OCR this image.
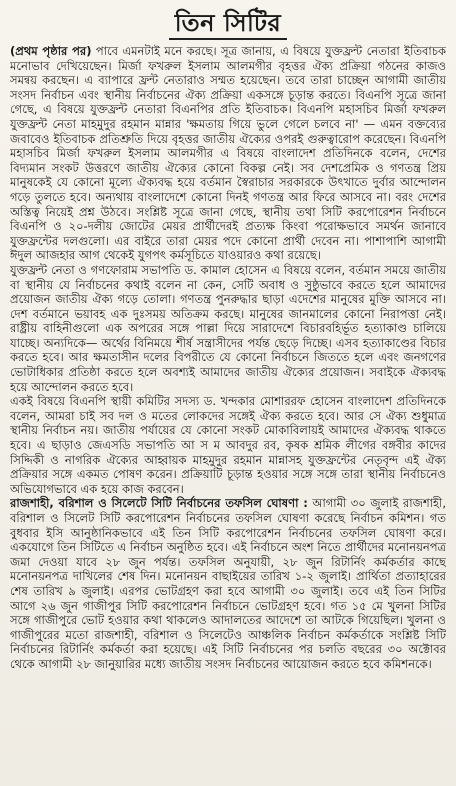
তিন সিটির

(প্রথম পৃষ্ঠার পর) পাবে এমনটাই মনে করছে। সূত্র জানায়, এ বিষয়ে যুক্তফ্রন্ট নেতারা ইতিবাচক মনোভাব দেখিয়েছেন। মির্জা ফখরুল ইসলাম আলমগীর বৃহত্তর ঐক্য প্রক্রিয়া গঠনের কাজও সমন্বয় করছেন। এ ব্যাপারে ফ্রন্ট নেতারাও সম্মত হয়েছেন। তবে তারা চাচ্ছেন আগামী জাতীয় সংসদ নির্বাচন এবং স্থানীয় নির্বাচনের ঐক্য প্রক্রিয়া একসঙ্গে চূড়ান্ত করতে। বিএনপি সূত্রে জানা গেছে, এ বিষয়ে যুক্তফ্রন্ট নেতারা বিএনপির প্রতি ইতিবাচক। বিএনপি মহাসচিব মির্জা ফখরুল যুক্তফ্রন্ট নেতা মাহমুদুর রহমান মান্নার 'ক্ষমতায় গিয়ে ভুলে গেলে চলবে না' — এমন বক্তব্যের জবাবেও ইতিবাচক প্রতিশ্রুতি দিয়ে বৃহত্তর জাতীয় ঐক্যের ওপরই গুরুত্বারোপ করেছেন। বিএনপি মহাসচিব মির্জা ফখরুল ইসলাম আলমগীর এ বিষয়ে বাংলাদেশ প্রতিদিনকে বলেন, দেশের বিদ্যমান সংকট উত্তরণে জাতীয় ঐক্যের কোনো বিকল্প নেই। সব দেশপ্রেমিক ও গণতন্ত্র প্রিয় মানুষকেই যে কোনো মূল্যে ঐক্যবদ্ধ হয়ে বর্তমান স্বৈরাচার সরকারকে উৎখাতে দুর্বার আন্দোলন গড়ে তুলতে হবে। অন্যথায় বাংলাদেশে কোনো দিনই গণতন্ত্র আর ফিরে আসবে না। বরং দেশের অস্তিত্ব নিয়েই প্রশ্ন উঠবে। সংশ্লিষ্ট সূত্রে জানা গেছে, স্থানীয় তথা সিটি করপোরেশন নির্বাচনে বিএনপি ও ২০-দলীয় জোটের মেয়র প্রার্থীদেরই প্রত্যক্ষ কিংবা পরোক্ষভাবে সমর্থন জানাবে যুক্তফ্রন্টের দলগুলো। এর বাইরে তারা মেয়র পদে কোনো প্রার্থী দেবেন না। পাশাপাশি আগামী ঈদুল আজহার আগ থেকেই যুগপৎ কর্মসূচিতে যাওয়ারও কথা রয়েছে।

যুক্তফ্রন্ট নেতা ও গণফোরাম সভাপতি ড. কামাল হোসেন এ বিষয়ে বলেন, বর্তমান সময়ে জাতীয় বা স্থানীয় যে নির্বাচনের কথাই বলেন না কেন, সেটি অবাধ ও সুষ্ঠুভাবে করতে হলে আমাদের প্রয়োজন জাতীয় ঐক্য গড়ে তোলা। গণতন্ত্র পুনরুদ্ধার ছাড়া এদেশের মানুষের মুক্তি আসবে না। দেশ বর্তমানে ভয়াবহ এক দুঃসময় অতিক্রম করছে। মানুষের জানমালের কোনো নিরাপত্তা নেই। রাষ্ট্রীয় বাহিনীগুলো এক অপরের সঙ্গে পাল্লা দিয়ে সারাদেশে বিচারবহির্ভূত হত্যাকাণ্ড চালিয়ে যাচ্ছে। অন্যদিকে— অর্থের বিনিময়ে শীর্ষ সন্ত্রাসীদের পর্যন্ত ছেড়ে দিচ্ছে। এসব হত্যাকাণ্ডের বিচার করতে হবে। আর ক্ষমতাসীন দলের বিপরীতে যে কোনো নির্বাচনে জিততে হলে এবং জনগণের ভোটাধিকার প্রতিষ্ঠা করতে হলে অবশ্যই আমাদের জাতীয় ঐক্যের প্রয়োজন। সবাইকে ঐক্যবদ্ধ হয়ে আন্দোলন করতে হবে।

একই বিষয়ে বিএনপি স্থায়ী কমিটির সদস্য ড. খন্দকার মোশাররফ হোসেন বাংলাদেশ প্রতিদিনকে বলেন, আমরা চাই সব দল ও মতের লোকদের সঙ্গেই ঐক্য করতে হবে। আর সে ঐক্য শুধুমাত্র স্থানীয় নির্বাচন নয়। জাতীয় পর্যায়ের যে কোনো সংকট মোকাবিলায়ই আমাদের ঐক্যবদ্ধ থাকতে হবে। এ ছাড়াও জেএসডি সভাপতি আ স ম আবদুর রব, কৃষক শ্রমিক লীগের বঙ্গবীর কাদের সিদ্দিকী ও নাগরিক ঐক্যের আহ্বায়ক মাহমুদুর রহমান মান্নাসহ যুক্তফ্রন্টের নেতৃবৃন্দ এই ঐক্য প্রক্রিয়ার সঙ্গে একমত পোষণ করেন। প্রক্রিয়াটি চূড়ান্ত হওয়ার সঙ্গে সঙ্গে তারা স্থানীয় নির্বাচনেও অভিযোগভাবে এক হয়ে কাজ করবেন।

রাজশাহী, বরিশাল ও সিলেটে সিটি নির্বাচনের তফসিল ঘোষণা : আগামী ৩০ জুলাই রাজশাহী, বরিশাল ও সিলেট সিটি করপোরেশন নির্বাচনের তফসিল ঘোষণা করেছে নির্বাচন কমিশন। গত বুধবার ইসি আনুষ্ঠানিকভাবে এই তিন সিটি করপোরেশন নির্বাচনের তফসিল ঘোষণা করে। একযোগে তিন সিটিতে এ নির্বাচন অনুষ্ঠিত হবে। এই নির্বাচনে অংশ নিতে প্রার্থীদের মনোনয়নপত্র জমা দেওয়া যাবে ২৮ জুন পর্যন্ত। তফসিল অনুযায়ী, ২৮ জুন রিটার্নিং কর্মকর্তার কাছে মনোনয়নপত্র দাখিলের শেষ দিন। মনোনয়ন বাছাইয়ের তারিখ ১-২ জুলাই। প্রার্থিতা প্রত্যাহারের শেষ তারিখ ৯ জুলাই। এরপর ভোটগ্রহণ করা হবে আগামী ৩০ জুলাই। তবে এই তিন সিটির আগে ২৬ জুন গাজীপুর সিটি করপোরেশন নির্বাচনে ভোটগ্রহণ হবে। গত ১৫ মে খুলনা সিটির সঙ্গে গাজীপুরে ভোট হওয়ার কথা থাকলেও আদালতের আদেশে তা আটকে গিয়েছিল। খুলনা ও গাজীপুরের মতো রাজশাহী, বরিশাল ও সিলেটেও আঞ্চলিক নির্বাচন কর্মকর্তাকে সংশ্লিষ্ট সিটি নির্বাচনের রিটার্নিং কর্মকর্তা করা হয়েছে। এই সিটি নির্বাচনের পর চলতি বছরের ৩০ অক্টোবর থেকে আগামী ২৮ জানুয়ারির মধ্যে জাতীয় সংসদ নির্বাচনের আয়োজন করতে হবে কমিশনকে।
